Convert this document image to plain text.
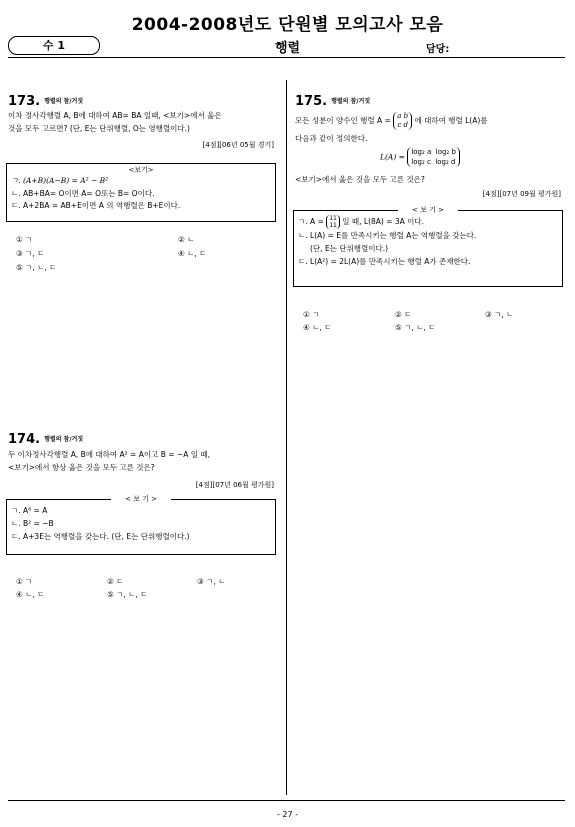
2004-2008년도 단원별 모의고사 모음
수 1	행렬	담당:
173. 행렬의 참/거짓
이차 정사각행렬 A, B에 대하여 AB= BA 일때, <보기>에서 옳은
것을 모두 고르면? (단, E는 단위행렬, O는 영행렬이다.)
[4점][06년 05월 경기]
<보기>
ㄱ. (A+B)(A−B) = A² − B²
ㄴ. AB+BA= O이면 A= O또는 B= O이다.
ㄷ. A+2BA = AB+E이면 A 의 역행렬은 B+E이다.
① ㄱ	② ㄴ
③ ㄱ, ㄷ	④ ㄴ, ㄷ
⑤ ㄱ, ㄴ, ㄷ
174. 행렬의 참/거짓
두 이차정사각행렬 A, B에 대하여 A² = A이고 B = −A 일 때,
<보기>에서 항상 옳은 것을 모두 고른 것은?
[4점][07년 06월 평가원]
< 보 기 >
ㄱ. A⁸ = A
ㄴ. B² = −B
ㄷ. A+3E는 역행렬을 갖는다. (단, E는 단위행렬이다.)
① ㄱ	② ㄷ	③ ㄱ, ㄴ
④ ㄴ, ㄷ	⑤ ㄱ, ㄴ, ㄷ
175. 행렬의 참/거짓
모든 성분이 양수인 행렬 A = a b
c d 에 대하여 행렬 L(A)를
다음과 같이 정의한다.
L(A) = log₂ a log₂ b
log₂ c log₂ d
<보기>에서 옳은 것을 모두 고른 것은?
[4점][07년 09월 평가원]
< 보 기 >
ㄱ. A = 11
11 일 때, L(8A) = 3A 이다.
ㄴ. L(A) = E를 만족시키는 행렬 A는 역행렬을 갖는다.
(단, E는 단위행렬이다.)
ㄷ. L(A²) = 2L(A)를 만족시키는 행렬 A가 존재한다.
① ㄱ	② ㄷ	③ ㄱ, ㄴ
④ ㄴ, ㄷ	⑤ ㄱ, ㄴ, ㄷ
- 27 -
